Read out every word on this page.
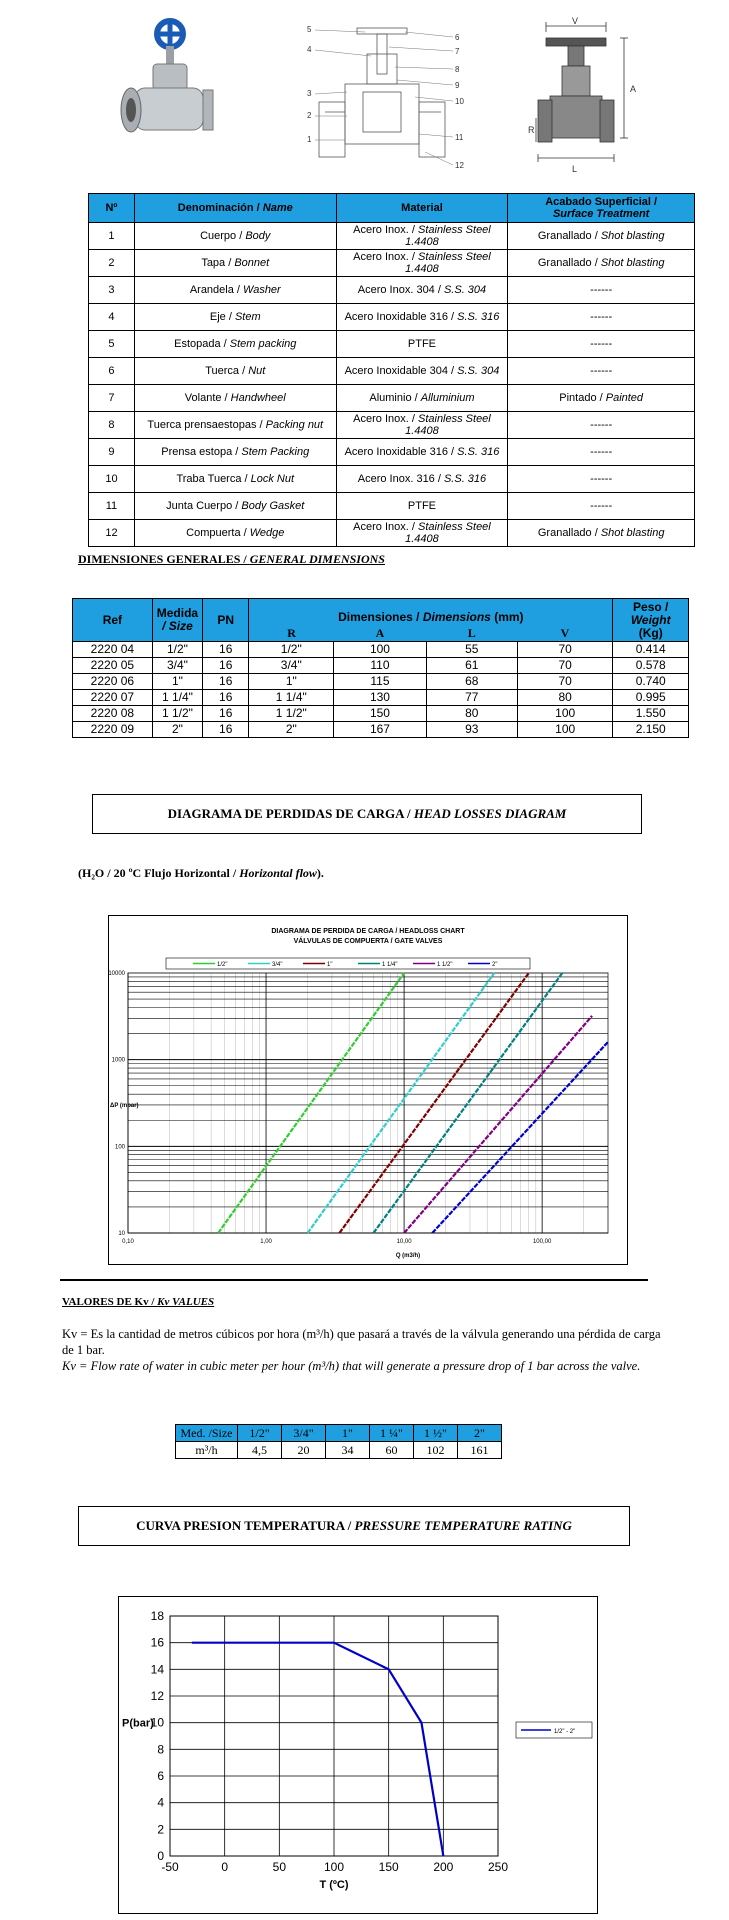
5
4
3
2
1
6
7
8
9
10
11
12
V
A
R
L
Nº	Denominación / Name	Material	Acabado Superficial /
Surface Treatment
1	Cuerpo / Body	Acero Inox. / Stainless Steel 1.4408	Granallado / Shot blasting
2	Tapa / Bonnet	Acero Inox. / Stainless Steel 1.4408	Granallado / Shot blasting
3	Arandela / Washer	Acero Inox. 304 / S.S. 304	------
4	Eje / Stem	Acero Inoxidable 316 / S.S. 316	------
5	Estopada / Stem packing	PTFE	------
6	Tuerca / Nut	Acero Inoxidable 304 / S.S. 304	------
7	Volante / Handwheel	Aluminio / Alluminium	Pintado / Painted
8	Tuerca prensaestopas / Packing nut	Acero Inox. / Stainless Steel 1.4408	------
9	Prensa estopa / Stem Packing	Acero Inoxidable 316 / S.S. 316	------
10	Traba Tuerca / Lock Nut	Acero Inox. 316 / S.S. 316	------
11	Junta Cuerpo / Body Gasket	PTFE	------
12	Compuerta / Wedge	Acero Inox. / Stainless Steel 1.4408	Granallado / Shot blasting
DIMENSIONES GENERALES / GENERAL DIMENSIONS
Ref	Medida
/ Size	PN	Dimensiones / Dimensions (mm)				Peso /
Weight
(Kg)
			R	A	L	V	
2220 04	1/2"	16	1/2"	100	55	70	0.414
2220 05	3/4"	16	3/4"	110	61	70	0.578
2220 06	1"	16	1"	115	68	70	0.740
2220 07	1 1/4"	16	1 1/4"	130	77	80	0.995
2220 08	1 1/2"	16	1 1/2"	150	80	100	1.550
2220 09	2"	16	2"	167	93	100	2.150
DIAGRAMA DE PERDIDAS DE CARGA / HEAD LOSSES DIAGRAM
(H₂O / 20 ºC Flujo Horizontal / Horizontal flow).
DIAGRAMA DE PERDIDA DE CARGA / HEADLOSS CHART
VÁLVULAS DE COMPUERTA / GATE VALVES
1/2"	3/4"	1"	1 1/4"	1 1/2"	2"
0,10	1,00	10,00	100,00
10
100
1000
10000
Q (m3/h)
ΔP (mbar)
VALORES DE Kv / Kv VALUES
Kv = Es la cantidad de metros cúbicos por hora (m³/h) que pasará a través de la válvula generando una pérdida de carga de 1 bar.
Kv = Flow rate of water in cubic meter per hour (m³/h) that will generate a pressure drop of 1 bar across the valve.
Med. /Size	1/2"	3/4"	1"	1 ¼"	1 ½"	2"
m³/h	4,5	20	34	60	102	161
CURVA PRESION TEMPERATURA / PRESSURE TEMPERATURE RATING
-50	0	50	100	150	200	250
0
2
4
6
8
10
12
14
16
18
T (ºC)
P(bar)
1/2" - 2"
